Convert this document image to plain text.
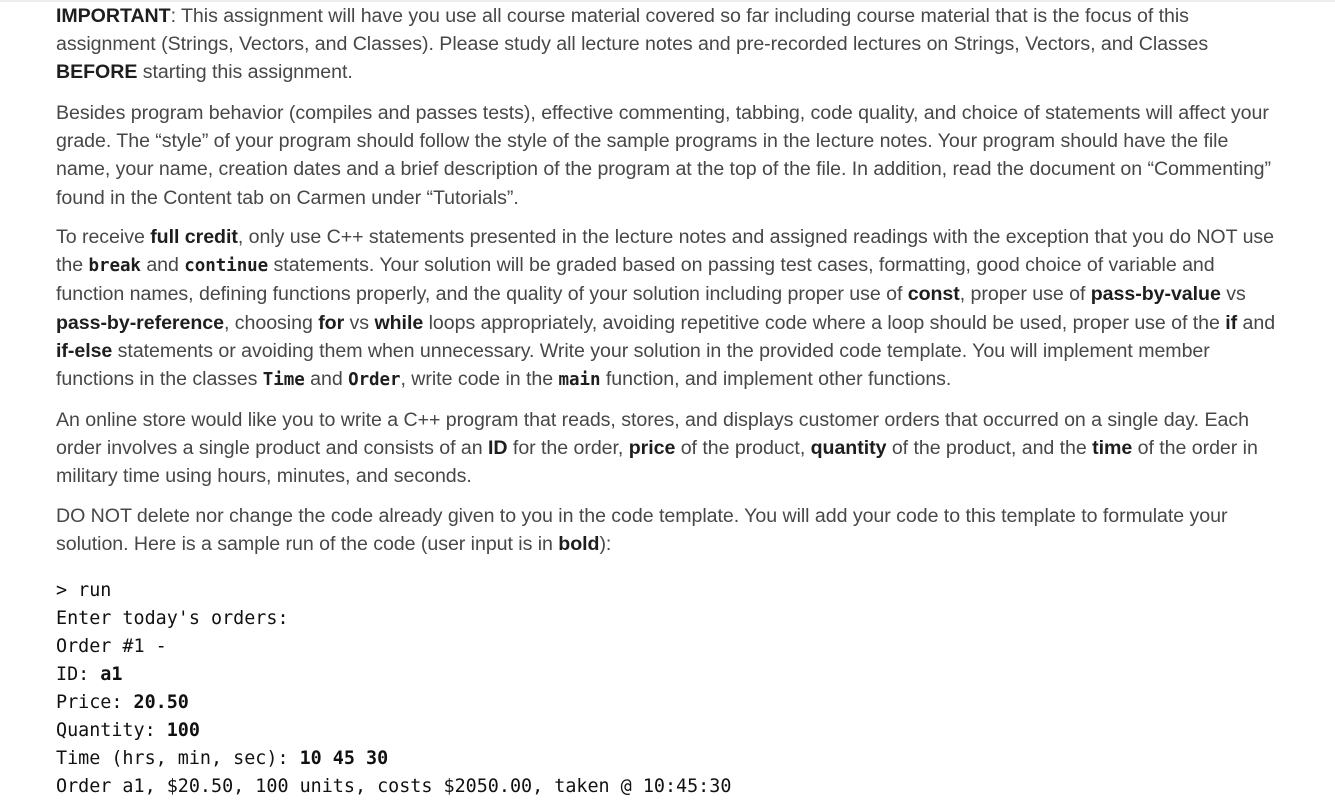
IMPORTANT: This assignment will have you use all course material covered so far including course material that is the focus of this assignment (Strings, Vectors, and Classes). Please study all lecture notes and pre-recorded lectures on Strings, Vectors, and Classes BEFORE starting this assignment.

Besides program behavior (compiles and passes tests), effective commenting, tabbing, code quality, and choice of statements will affect your grade. The “style” of your program should follow the style of the sample programs in the lecture notes. Your program should have the file name, your name, creation dates and a brief description of the program at the top of the file. In addition, read the document on “Commenting” found in the Content tab on Carmen under “Tutorials”.

To receive full credit, only use C++ statements presented in the lecture notes and assigned readings with the exception that you do NOT use the break and continue statements. Your solution will be graded based on passing test cases, formatting, good choice of variable and function names, defining functions properly, and the quality of your solution including proper use of const, proper use of pass-by-value vs pass-by-reference, choosing for vs while loops appropriately, avoiding repetitive code where a loop should be used, proper use of the if and if-else statements or avoiding them when unnecessary. Write your solution in the provided code template. You will implement member functions in the classes Time and Order, write code in the main function, and implement other functions.

An online store would like you to write a C++ program that reads, stores, and displays customer orders that occurred on a single day. Each order involves a single product and consists of an ID for the order, price of the product, quantity of the product, and the time of the order in military time using hours, minutes, and seconds.

DO NOT delete nor change the code already given to you in the code template. You will add your code to this template to formulate your solution. Here is a sample run of the code (user input is in bold):

> run
Enter today's orders:
Order #1 -
ID: a1
Price: 20.50
Quantity: 100
Time (hrs, min, sec): 10 45 30
Order a1, $20.50, 100 units, costs $2050.00, taken @ 10:45:30
